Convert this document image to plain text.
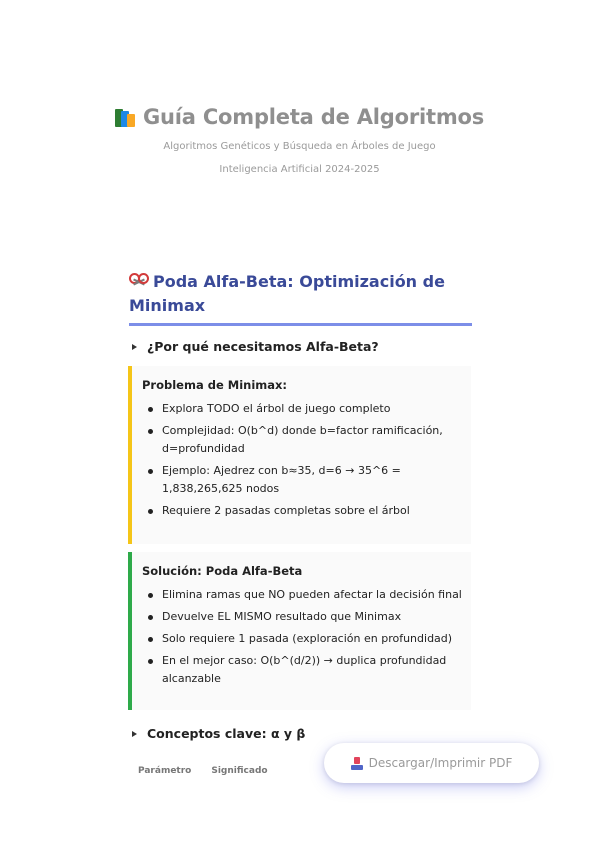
Guía Completa de Algoritmos
Algoritmos Genéticos y Búsqueda en Árboles de Juego
Inteligencia Artificial 2024-2025
Poda Alfa-Beta: Optimización de Minimax
¿Por qué necesitamos Alfa-Beta?
Problema de Minimax:
Explora TODO el árbol de juego completo
Complejidad: O(b^d) donde b=factor ramificación, d=profundidad
Ejemplo: Ajedrez con b≈35, d=6 → 35^6 = 1,838,265,625 nodos
Requiere 2 pasadas completas sobre el árbol
Solución: Poda Alfa-Beta
Elimina ramas que NO pueden afectar la decisión final
Devuelve EL MISMO resultado que Minimax
Solo requiere 1 pasada (exploración en profundidad)
En el mejor caso: O(b^(d/2)) → duplica profundidad alcanzable
Conceptos clave: α y β
Parámetro Significado
Descargar/Imprimir PDF
